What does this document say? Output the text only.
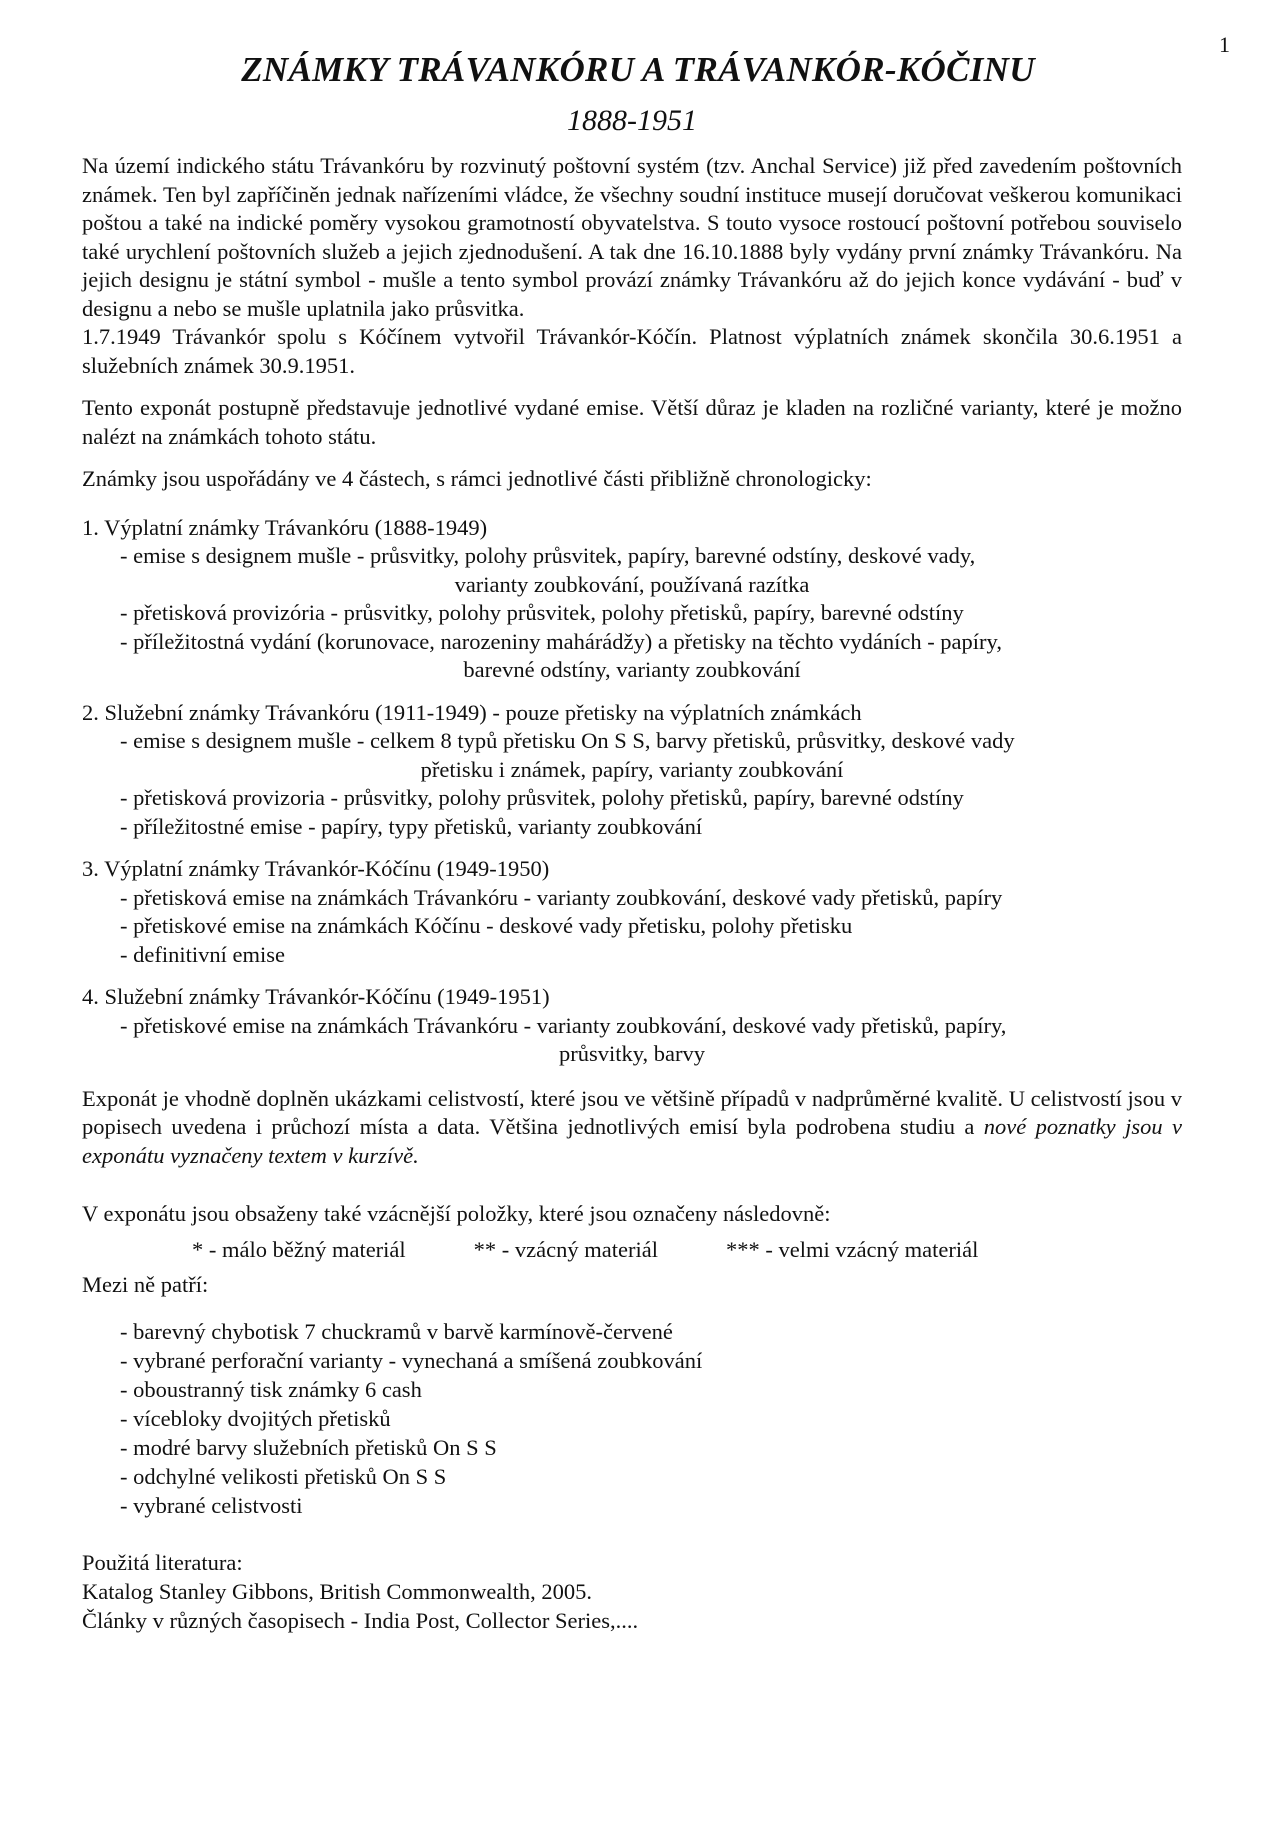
1
ZNÁMKY TRÁVANKÓRU A TRÁVANKÓR-KÓČINU
1888-1951

Na území indického státu Trávankóru by rozvinutý poštovní systém (tzv. Anchal Service) již před zavedením poštovních známek. Ten byl zapříčiněn jednak nařízeními vládce, že všechny soudní instituce musejí doručovat veškerou komunikaci poštou a také na indické poměry vysokou gramotností obyvatelstva. S touto vysoce rostoucí poštovní potřebou souviselo také urychlení poštovních služeb a jejich zjednodušení. A tak dne 16.10.1888 byly vydány první známky Trávankóru. Na jejich designu je státní symbol - mušle a tento symbol provází známky Trávankóru až do jejich konce vydávání - buď v designu a nebo se mušle uplatnila jako průsvitka.

1.7.1949 Trávankór spolu s Kóčínem vytvořil Trávankór-Kóčín. Platnost výplatních známek skončila 30.6.1951 a služebních známek 30.9.1951.

Tento exponát postupně představuje jednotlivé vydané emise. Větší důraz je kladen na rozličné varianty, které je možno nalézt na známkách tohoto státu.

Známky jsou uspořádány ve 4 částech, s rámci jednotlivé části přibližně chronologicky:

1. Výplatní známky Trávankóru (1888-1949)
- emise s designem mušle - průsvitky, polohy průsvitek, papíry, barevné odstíny, deskové vady,
varianty zoubkování, používaná razítka
- přetisková provizória - průsvitky, polohy průsvitek, polohy přetisků, papíry, barevné odstíny
- příležitostná vydání (korunovace, narozeniny mahárádžy) a přetisky na těchto vydáních - papíry,
barevné odstíny, varianty zoubkování
2. Služební známky Trávankóru (1911-1949) - pouze přetisky na výplatních známkách
- emise s designem mušle - celkem 8 typů přetisku On S S, barvy přetisků, průsvitky, deskové vady
přetisku i známek, papíry, varianty zoubkování
- přetisková provizoria - průsvitky, polohy průsvitek, polohy přetisků, papíry, barevné odstíny
- příležitostné emise - papíry, typy přetisků, varianty zoubkování
3. Výplatní známky Trávankór-Kóčínu (1949-1950)
- přetisková emise na známkách Trávankóru - varianty zoubkování, deskové vady přetisků, papíry
- přetiskové emise na známkách Kóčínu - deskové vady přetisku, polohy přetisku
- definitivní emise
4. Služební známky Trávankór-Kóčínu (1949-1951)
- přetiskové emise na známkách Trávankóru - varianty zoubkování, deskové vady přetisků, papíry,
průsvitky, barvy

Exponát je vhodně doplněn ukázkami celistvostí, které jsou ve většině případů v nadprůměrné kvalitě. U celistvostí jsou v popisech uvedena i průchozí místa a data. Většina jednotlivých emisí byla podrobena studiu a nové poznatky jsou v exponátu vyznačeny textem v kurzívě.

V exponátu jsou obsaženy také vzácnější položky, které jsou označeny následovně:

* - málo běžný materiál	** - vzácný materiál	*** - velmi vzácný materiál

Mezi ně patří:

- barevný chybotisk 7 chuckramů v barvě karmínově-červené
- vybrané perforační varianty - vynechaná a smíšená zoubkování
- oboustranný tisk známky 6 cash
- vícebloky dvojitých přetisků
- modré barvy služebních přetisků On S S
- odchylné velikosti přetisků On S S
- vybrané celistvosti
Použitá literatura:
Katalog Stanley Gibbons, British Commonwealth, 2005.
Články v různých časopisech - India Post, Collector Series,....
